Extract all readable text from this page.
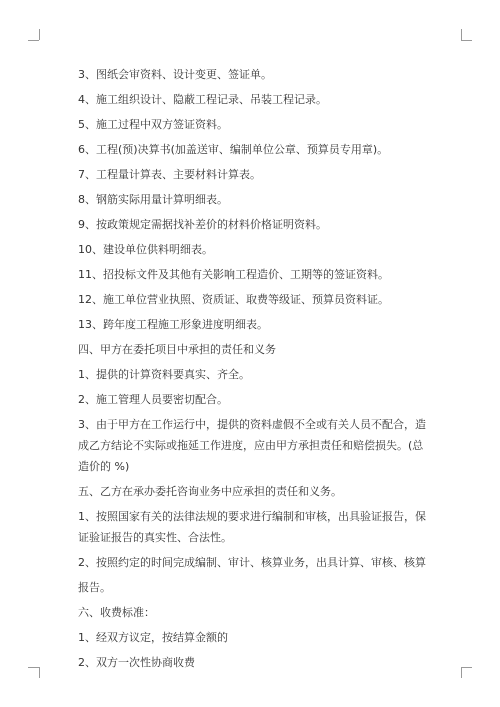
3、图纸会审资料、设计变更、签证单。

4、施工组织设计、隐蔽工程记录、吊装工程记录。

5、施工过程中双方签证资料。

6、工程(预)决算书(加盖送审、编制单位公章、预算员专用章)。

7、工程量计算表、主要材料计算表。

8、钢筋实际用量计算明细表。

9、按政策规定需据找补差价的材料价格证明资料。

10、建设单位供料明细表。

11、招投标文件及其他有关影响工程造价、工期等的签证资料。

12、施工单位营业执照、资质证、取费等级证、预算员资料证。

13、跨年度工程施工形象进度明细表。

四、甲方在委托项目中承担的责任和义务

1、提供的计算资料要真实、齐全。

2、施工管理人员要密切配合。

3、由于甲方在工作运行中，提供的资料虚假不全或有关人员不配合，造成乙方结论不实际或拖延工作进度，应由甲方承担责任和赔偿损失。(总造价的 %)

五、乙方在承办委托咨询业务中应承担的责任和义务。

1、按照国家有关的法律法规的要求进行编制和审核，出具验证报告，保证验证报告的真实性、合法性。

2、按照约定的时间完成编制、审计、核算业务，出具计算、审核、核算报告。

六、收费标准：

1、经双方议定，按结算金额的

2、双方一次性协商收费
